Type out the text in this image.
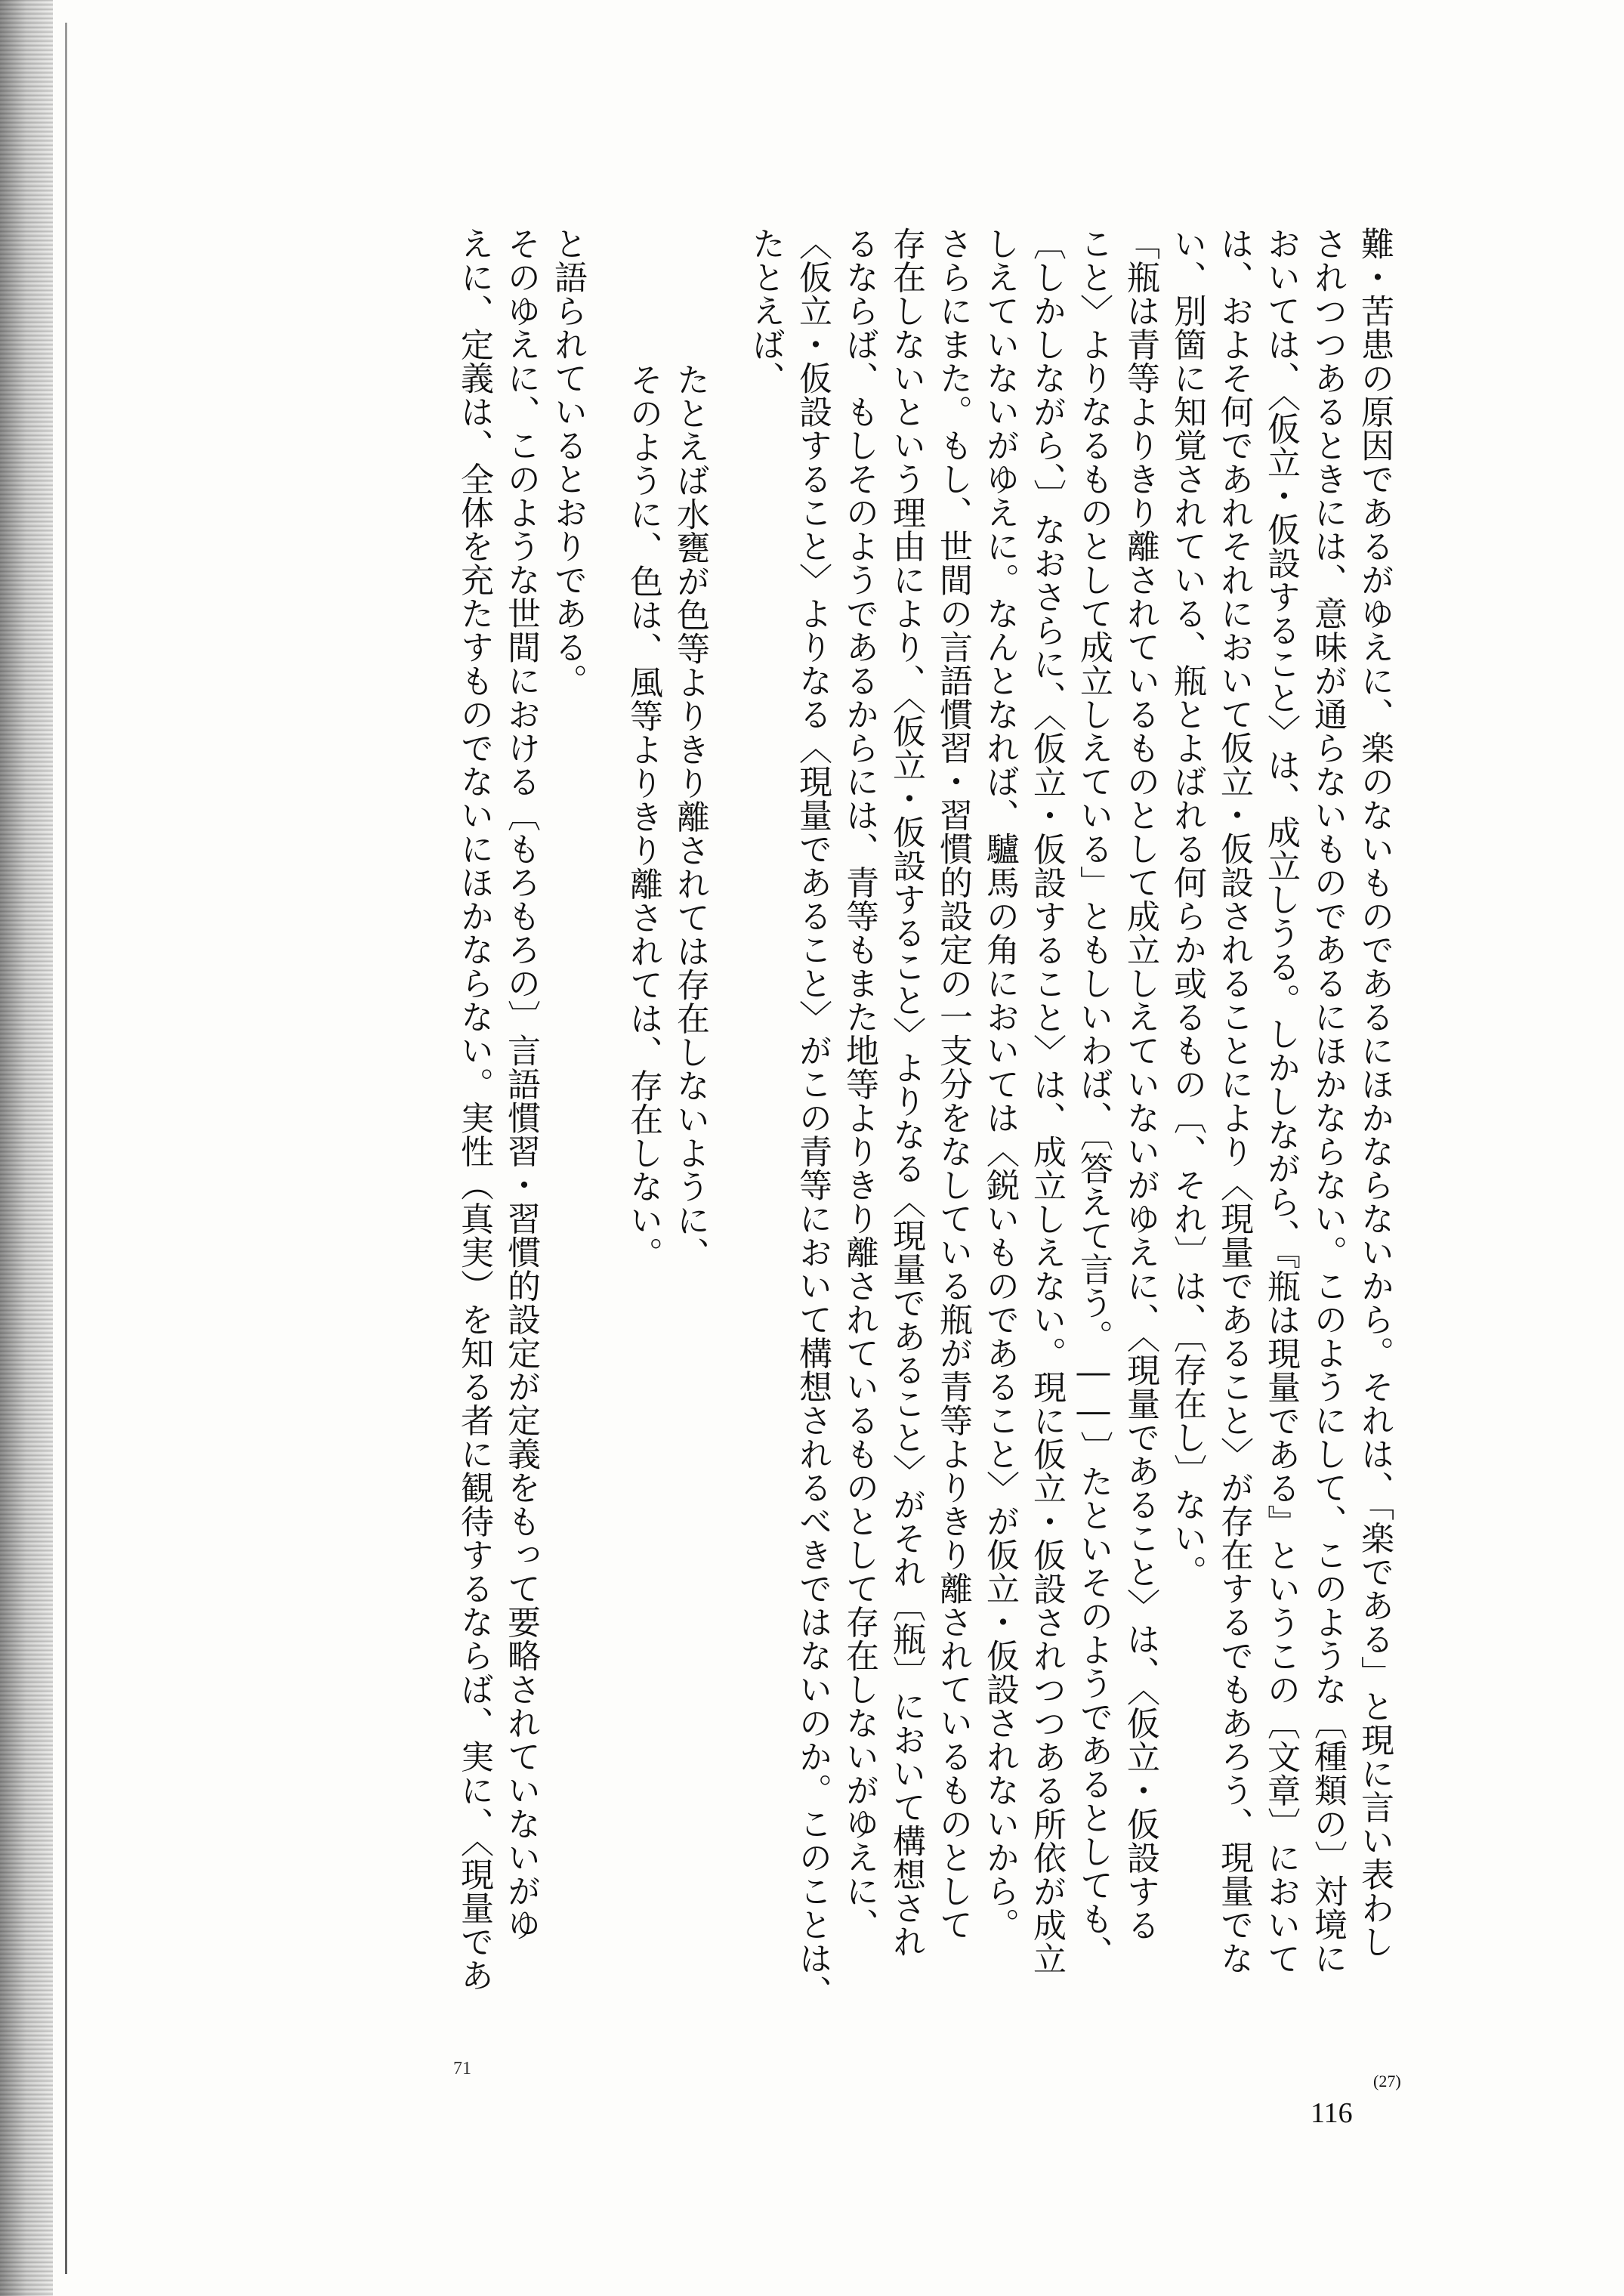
難・苦患の原因であるがゆえに、楽のないものであるにほかならないから。それは、「楽である」と現に言い表わし
されつつあるときには、意味が通らないものであるにほかならない。このようにして、このような〔種類の〕対境に
おいては、〈仮立・仮設すること〉は、成立しうる。しかしながら、『瓶は現量である』というこの〔文章〕において
は、およそ何であれそれにおいて仮立・仮設されることにより〈現量であること〉が存在するでもあろう、現量でな
い、別箇に知覚されている、瓶とよばれる何らか或るもの〔、それ〕は、〔存在し〕ない。
「瓶は青等よりきり離されているものとして成立しえていないがゆえに、〈現量であること〉は、〈仮立・仮設する
こと〉よりなるものとして成立しえている」ともしいわば、〔答えて言う。――〕たといそのようであるとしても、
〔しかしながら、〕なおさらに、〈仮立・仮設すること〉は、成立しえない。現に仮立・仮設されつつある所依が成立
しえていないがゆえに。なんとなれば、驢馬の角においては〈鋭いものであること〉が仮立・仮設されないから。
さらにまた。もし、世間の言語慣習・習慣的設定の一支分をなしている瓶が青等よりきり離されているものとして
存在しないという理由により、〈仮立・仮設すること〉よりなる〈現量であること〉がそれ〔瓶〕において構想され
るならば、もしそのようであるからには、青等もまた地等よりきり離されているものとして存在しないがゆえに、
〈仮立・仮設すること〉よりなる〈現量であること〉がこの青等において構想されるべきではないのか。このことは、
たとえば、
たとえば水甕が色等よりきり離されては存在しないように、
そのように、色は、風等よりきり離されては、存在しない。
と語られているとおりである。
そのゆえに、このような世間における〔もろもろの〕言語慣習・習慣的設定が定義をもって要略されていないがゆ
えに、定義は、全体を充たすものでないにほかならない。実性（真実）を知る者に観待するならば、実に、〈現量であ
(27)
116
71
